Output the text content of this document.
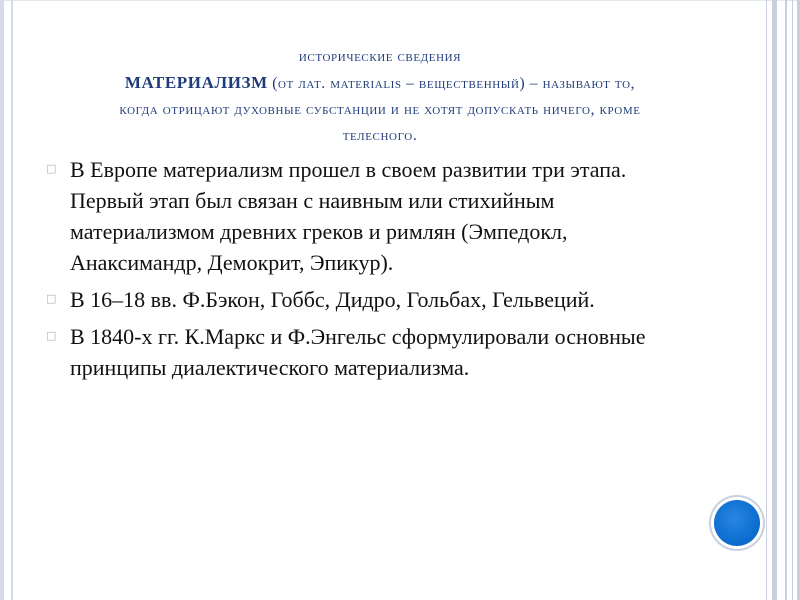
исторические сведения
МАТЕРИАЛИЗМ (от лат. materialis – вещественный) – называют то,
когда отрицают духовные субстанции и не хотят допускать ничего, кроме
телесного.
□ В Европе материализм прошел в своем развитии три этапа. Первый этап был связан с наивным или стихийным материализмом древних греков и римлян (Эмпедокл, Анаксимандр, Демокрит, Эпикур).
□ В 16–18 вв. Ф.Бэкон, Гоббс, Дидро, Гольбах, Гельвеций.
□ В 1840-х гг. К.Маркс и Ф.Энгельс сформулировали основные принципы диалектического материализма.
